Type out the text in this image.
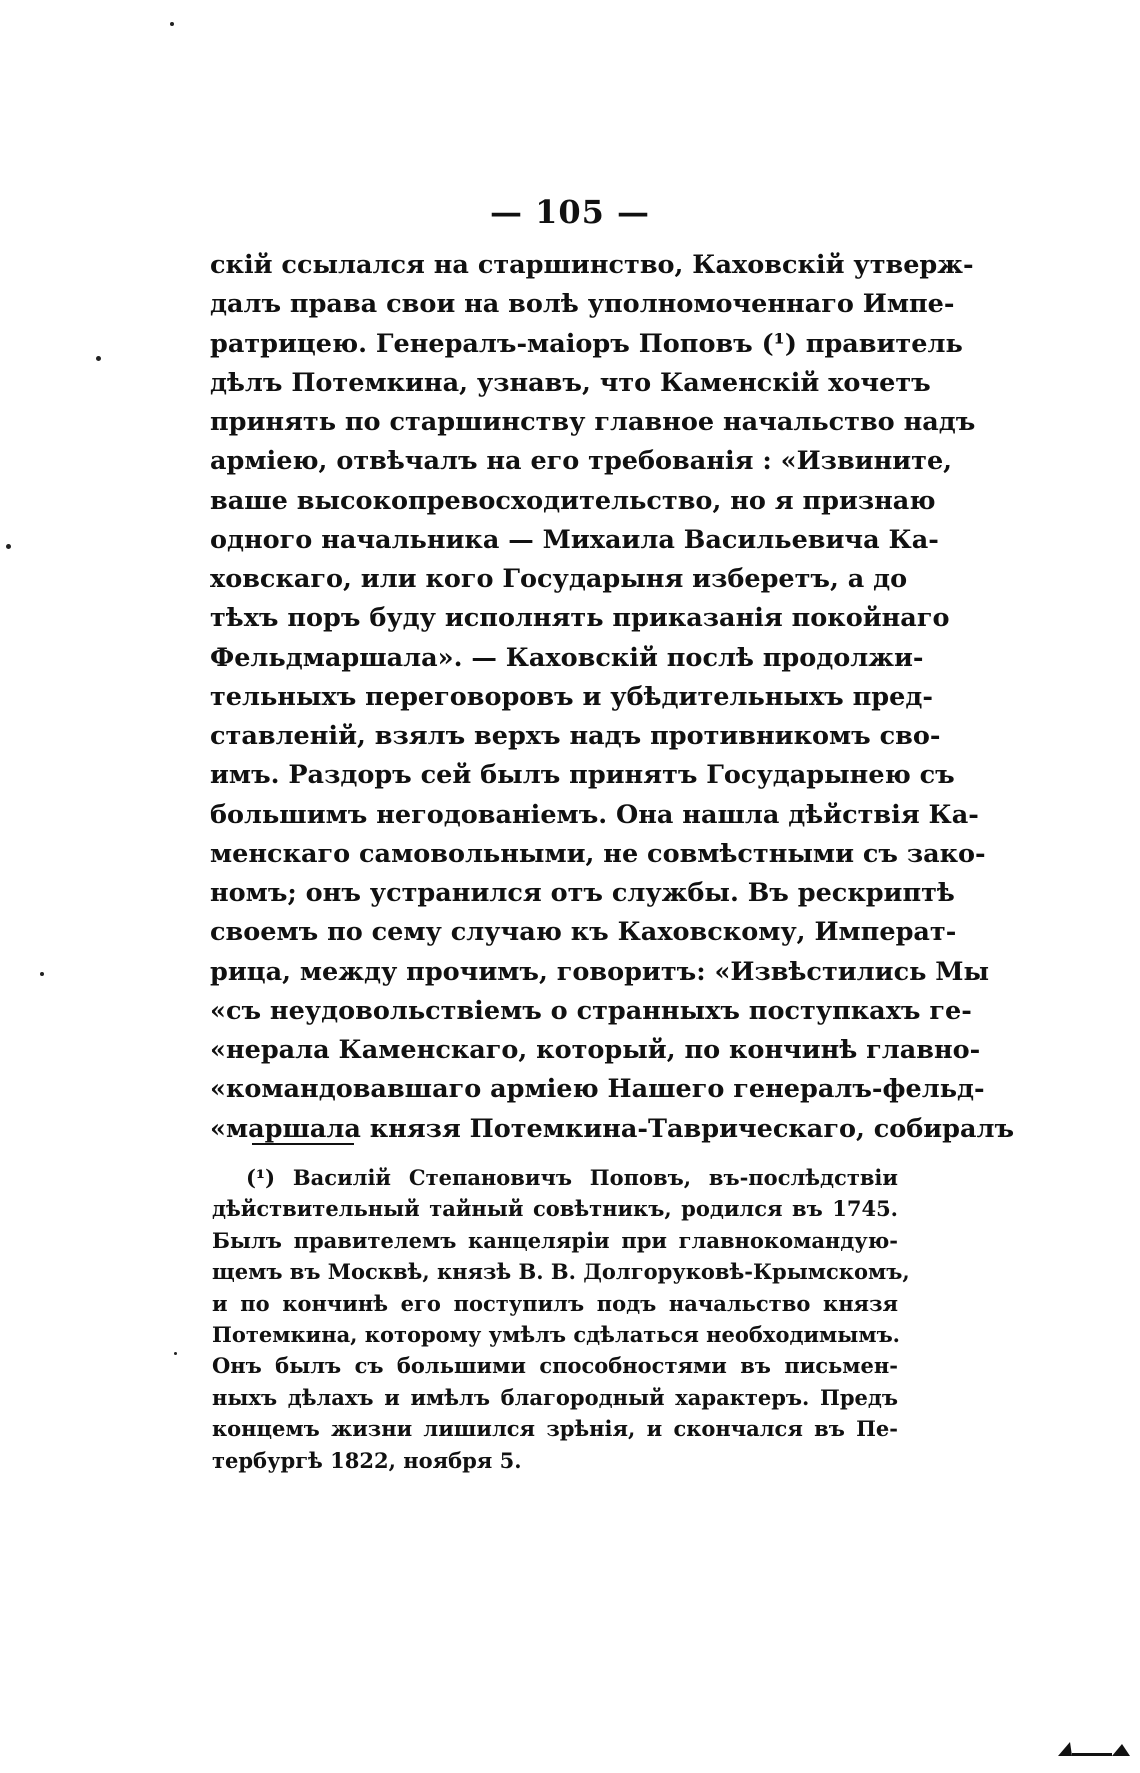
— 105 —
скій ссылался на старшинство, Каховскій утверж-
далъ права свои на волѣ уполномоченнаго Импе-
ратрицею. Генералъ-маіоръ Поповъ (¹) правитель
дѣлъ Потемкина, узнавъ, что Каменскій хочетъ
принять по старшинству главное начальство надъ
арміею, отвѣчалъ на его требованія : «Извините,
ваше высокопревосходительство, но я признаю
одного начальника — Михаила Васильевича Ка-
ховскаго, или кого Государыня изберетъ, а до
тѣхъ поръ буду исполнять приказанія покойнаго
Фельдмаршала». — Каховскій послѣ продолжи-
тельныхъ переговоровъ и убѣдительныхъ пред-
ставленій, взялъ верхъ надъ противникомъ сво-
имъ. Раздоръ сей былъ принятъ Государынею съ
большимъ негодованіемъ. Она нашла дѣйствія Ка-
менскаго самовольными, не совмѣстными съ зако-
номъ; онъ устранился отъ службы. Въ рескриптѣ
своемъ по сему случаю къ Каховскому, Императ-
рица, между прочимъ, говоритъ: «Извѣстились Мы
«съ неудовольствіемъ о странныхъ поступкахъ ге-
«нерала Каменскаго, который, по кончинѣ главно-
«командовавшаго арміею Нашего генералъ-фельд-
«маршала князя Потемкина-Таврическаго, собиралъ
(¹) Василій Степановичъ Поповъ, въ-послѣдствіи
дѣйствительный тайный совѣтникъ, родился въ 1745.
Былъ правителемъ канцеляріи при главнокомандую-
щемъ въ Москвѣ, князѣ В. В. Долгоруковѣ-Крымскомъ,
и по кончинѣ его поступилъ подъ начальство князя
Потемкина, которому умѣлъ сдѣлаться необходимымъ.
Онъ былъ съ большими способностями въ письмен-
ныхъ дѣлахъ и имѣлъ благородный характеръ. Предъ
концемъ жизни лишился зрѣнія, и скончался въ Пе-
тербургѣ 1822, ноября 5.
